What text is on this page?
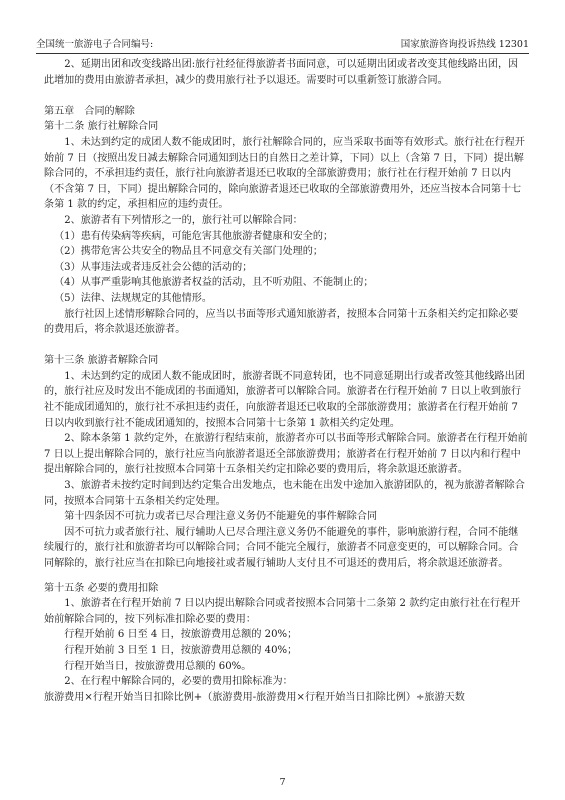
全国统一旅游电子合同编号:	国家旅游咨询投诉热线 12301

2、延期出团和改变线路出团:旅行社经征得旅游者书面同意，可以延期出团或者改变其他线路出团，因此增加的费用由旅游者承担，减少的费用旅行社予以退还。需要时可以重新签订旅游合同。

第五章　合同的解除

第十二条 旅行社解除合同

1、未达到约定的成团人数不能成团时，旅行社解除合同的，应当采取书面等有效形式。旅行社在行程开始前 7 日（按照出发日减去解除合同通知到达日的自然日之差计算，下同）以上（含第 7 日，下同）提出解除合同的，不承担违约责任，旅行社向旅游者退还已收取的全部旅游费用；旅行社在行程开始前 7 日以内（不含第 7 日，下同）提出解除合同的，除向旅游者退还已收取的全部旅游费用外，还应当按本合同第十七条第 1 款的约定，承担相应的违约责任。

2、旅游者有下列情形之一的，旅行社可以解除合同：

（1）患有传染病等疾病，可能危害其他旅游者健康和安全的；

（2）携带危害公共安全的物品且不同意交有关部门处理的；

（3）从事违法或者违反社会公德的活动的；

（4）从事严重影响其他旅游者权益的活动，且不听劝阻、不能制止的；

（5）法律、法规规定的其他情形。

旅行社因上述情形解除合同的，应当以书面等形式通知旅游者，按照本合同第十五条相关约定扣除必要的费用后，将余款退还旅游者。

第十三条 旅游者解除合同

1、未达到约定的成团人数不能成团时，旅游者既不同意转团，也不同意延期出行或者改签其他线路出团的，旅行社应及时发出不能成团的书面通知，旅游者可以解除合同。旅游者在行程开始前 7 日以上收到旅行社不能成团通知的，旅行社不承担违约责任，向旅游者退还已收取的全部旅游费用；旅游者在行程开始前 7 日以内收到旅行社不能成团通知的，按照本合同第十七条第 1 款相关约定处理。

2、除本条第 1 款约定外，在旅游行程结束前，旅游者亦可以书面等形式解除合同。旅游者在行程开始前 7 日以上提出解除合同的，旅行社应当向旅游者退还全部旅游费用；旅游者在行程开始前 7 日以内和行程中提出解除合同的，旅行社按照本合同第十五条相关约定扣除必要的费用后，将余款退还旅游者。

3、旅游者未按约定时间到达约定集合出发地点，也未能在出发中途加入旅游团队的，视为旅游者解除合同，按照本合同第十五条相关约定处理。

第十四条因不可抗力或者已尽合理注意义务仍不能避免的事件解除合同

因不可抗力或者旅行社、履行辅助人已尽合理注意义务仍不能避免的事件，影响旅游行程，合同不能继续履行的，旅行社和旅游者均可以解除合同；合同不能完全履行，旅游者不同意变更的，可以解除合同。合同解除的，旅行社应当在扣除已向地接社或者履行辅助人支付且不可退还的费用后，将余款退还旅游者。

第十五条 必要的费用扣除

1、旅游者在行程开始前 7 日以内提出解除合同或者按照本合同第十二条第 2 款约定由旅行社在行程开始前解除合同的，按下列标准扣除必要的费用：

行程开始前 6 日至 4 日，按旅游费用总额的 20%；

行程开始前 3 日至 1 日，按旅游费用总额的 40%；

行程开始当日，按旅游费用总额的 60%。

2、在行程中解除合同的，必要的费用扣除标准为：

旅游费用×行程开始当日扣除比例+（旅游费用-旅游费用×行程开始当日扣除比例）÷旅游天数

7
